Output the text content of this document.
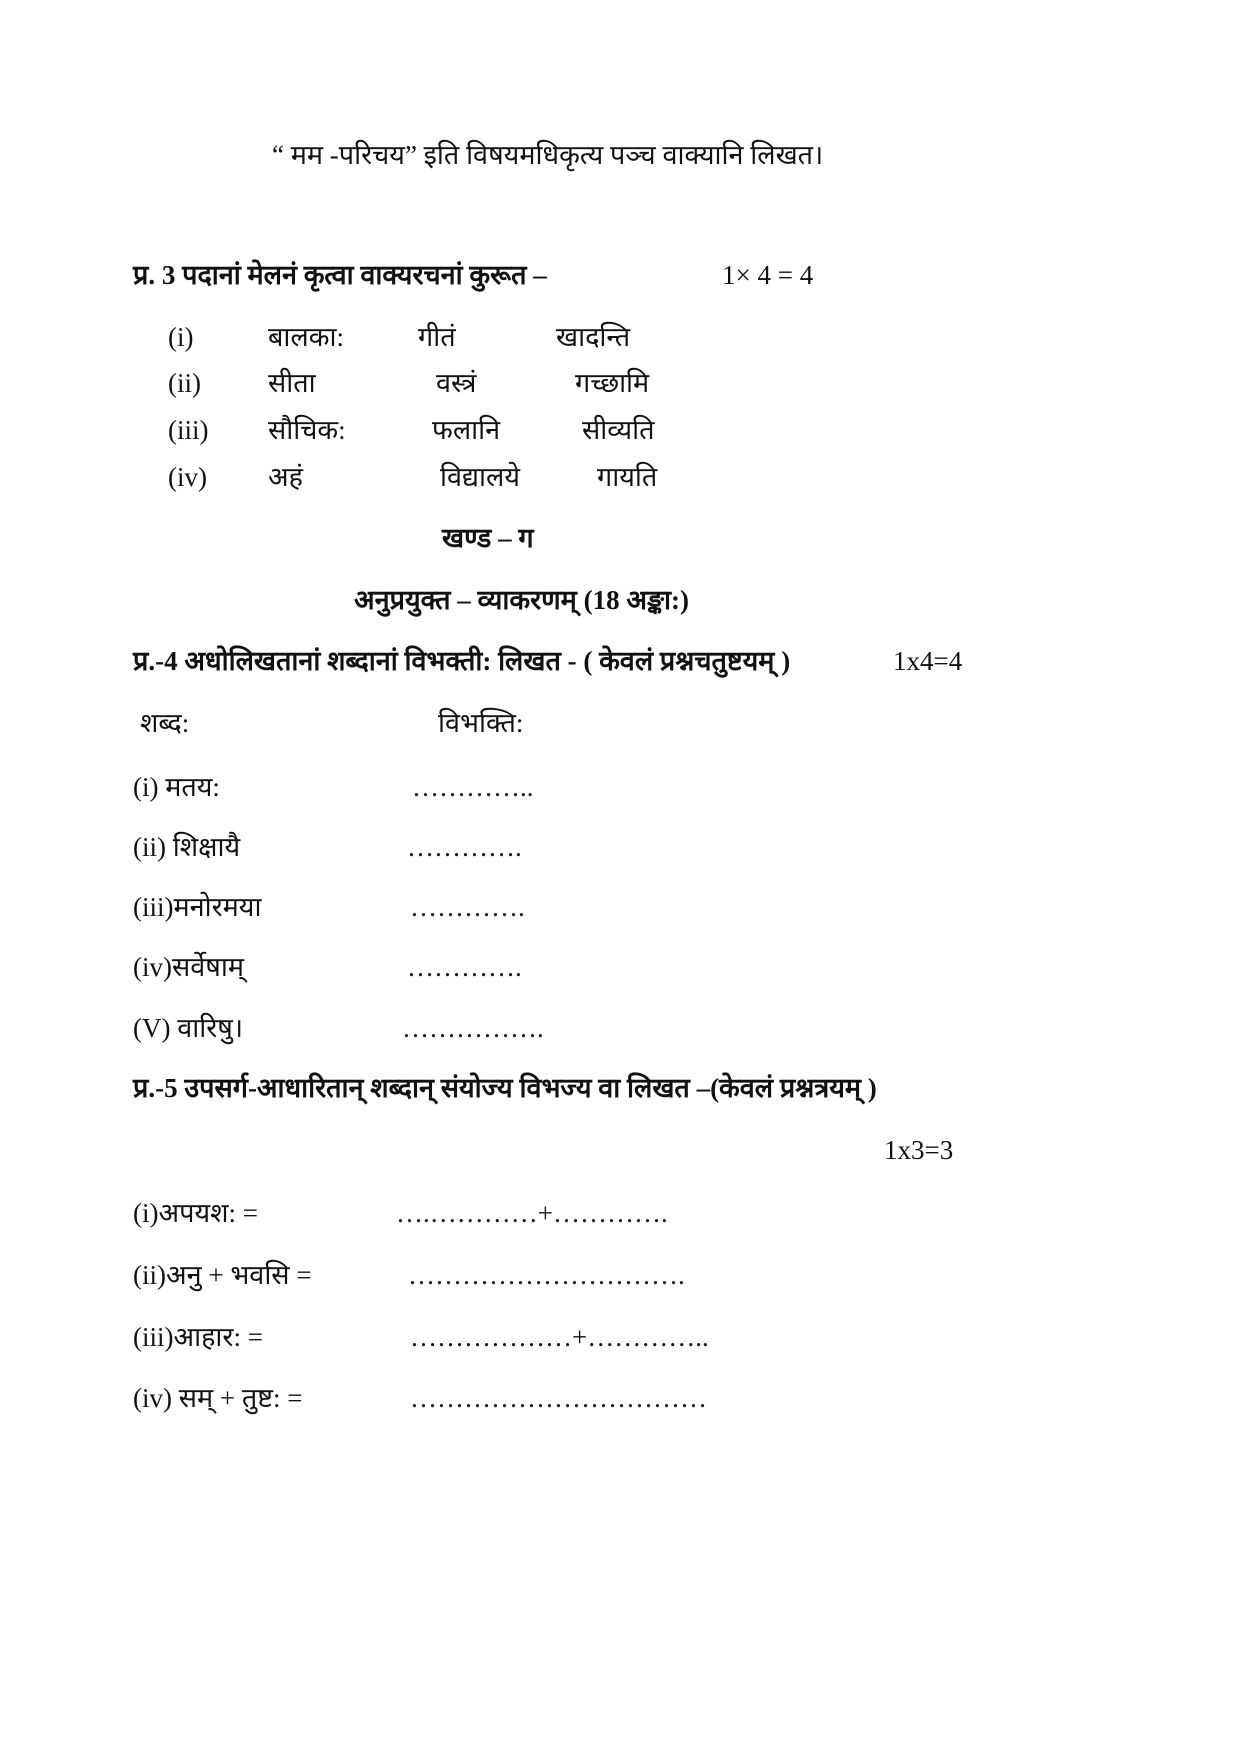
“ मम -परिचय” इति विषयमधिकृत्य पञ्च वाक्यानि लिखत।
प्र. 3 पदानां मेलनं कृत्वा वाक्यरचनां कुरूत –	1× 4 = 4
(i)	बालका:	गीतं	खादन्ति
(ii) सीता	वस्त्रं	गच्छामि
(iii) सौचिक:	फलानि	सीव्यति
(iv) अहं	विद्यालये	गायति
खण्ड – ग
अनुप्रयुक्त – व्याकरणम् (18 अङ्का:)
प्र.-4 अधोलिखतानां शब्दानां विभक्ती: लिखत - ( केवलं प्रश्नचतुष्टयम् )	1x4=4
शब्द:	विभक्ति:
(i) मतय:	…………..
(ii) शिक्षायै	………….
(iii)मनोरमया	………….
(iv)सर्वेषाम्	………….
(V) वारिषु।	…………….
प्र.-5 उपसर्ग-आधारितान् शब्दान् संयोज्य विभज्य वा लिखत –(केवलं प्रश्नत्रयम् )
1x3=3
(i)अपयश: =	….…………+………….
(ii)अनु + भवसि =	………………………….
(iii)आहार: =	………………+…………..
(iv) सम् + तुष्ट: =	……………………………
